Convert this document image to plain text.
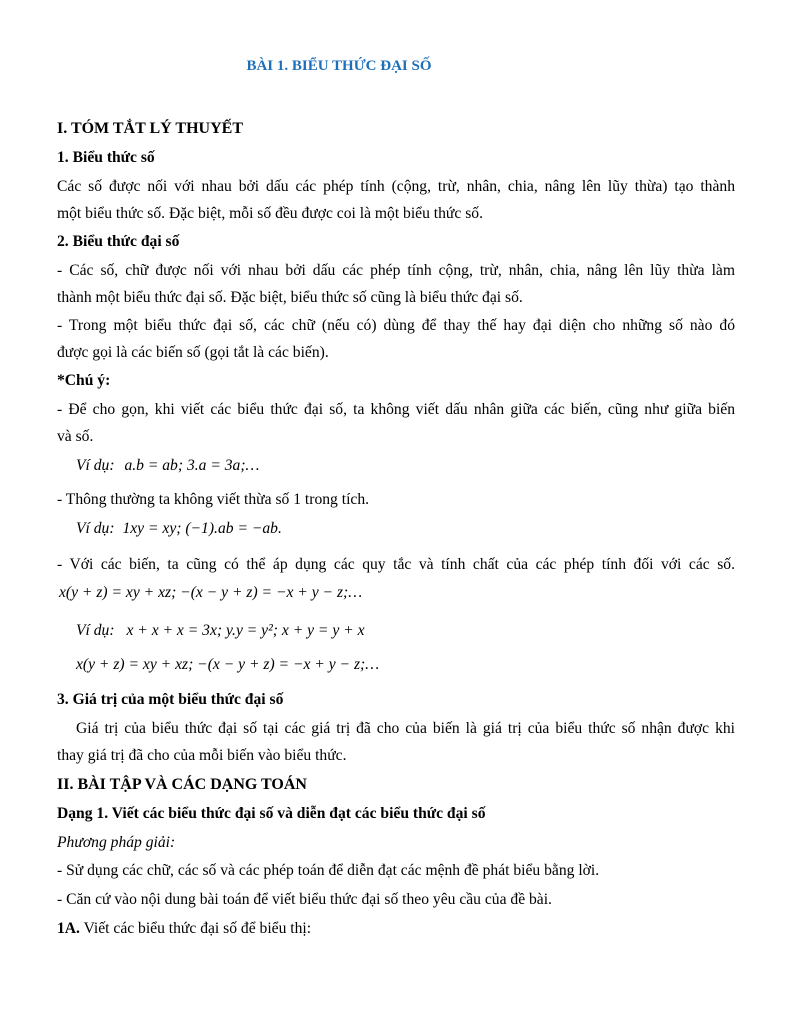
BÀI 1. BIỂU THỨC ĐẠI SỐ
I. TÓM TẮT LÝ THUYẾT
1. Biểu thức số
Các số được nối với nhau bởi dấu các phép tính (cộng, trừ, nhân, chia, nâng lên lũy thừa) tạo thành
một biểu thức số. Đặc biệt, mỗi số đều được coi là một biểu thức số.
2. Biểu thức đại số
- Các số, chữ được nối với nhau bởi dấu các phép tính cộng, trừ, nhân, chia, nâng lên lũy thừa làm
thành một biểu thức đại số. Đặc biệt, biểu thức số cũng là biểu thức đại số.
- Trong một biểu thức đại số, các chữ (nếu có) dùng để thay thế hay đại diện cho những số nào đó
được gọi là các biến số (gọi tắt là các biến).
*Chú ý:
- Để cho gọn, khi viết các biểu thức đại số, ta không viết dấu nhân giữa các biến, cũng như giữa biến
và số.
Ví dụ: a.b = ab; 3.a = 3a;…
- Thông thường ta không viết thừa số 1 trong tích.
Ví dụ: 1xy = xy; (−1).ab = −ab.
- Với các biến, ta cũng có thể áp dụng các quy tắc và tính chất của các phép tính đối với các số.
x(y + z) = xy + xz; −(x − y + z) = −x + y − z;…
Ví dụ: x + x + x = 3x; y.y = y²; x + y = y + x
x(y + z) = xy + xz; −(x − y + z) = −x + y − z;…
3. Giá trị của một biểu thức đại số
Giá trị của biểu thức đại số tại các giá trị đã cho của biến là giá trị của biểu thức số nhận được khi
thay giá trị đã cho của mỗi biến vào biểu thức.
II. BÀI TẬP VÀ CÁC DẠNG TOÁN
Dạng 1. Viết các biểu thức đại số và diễn đạt các biểu thức đại số
Phương pháp giải:
- Sử dụng các chữ, các số và các phép toán để diễn đạt các mệnh đề phát biểu bằng lời.
- Căn cứ vào nội dung bài toán để viết biểu thức đại số theo yêu cầu của đề bài.
1A. Viết các biểu thức đại số để biểu thị:
